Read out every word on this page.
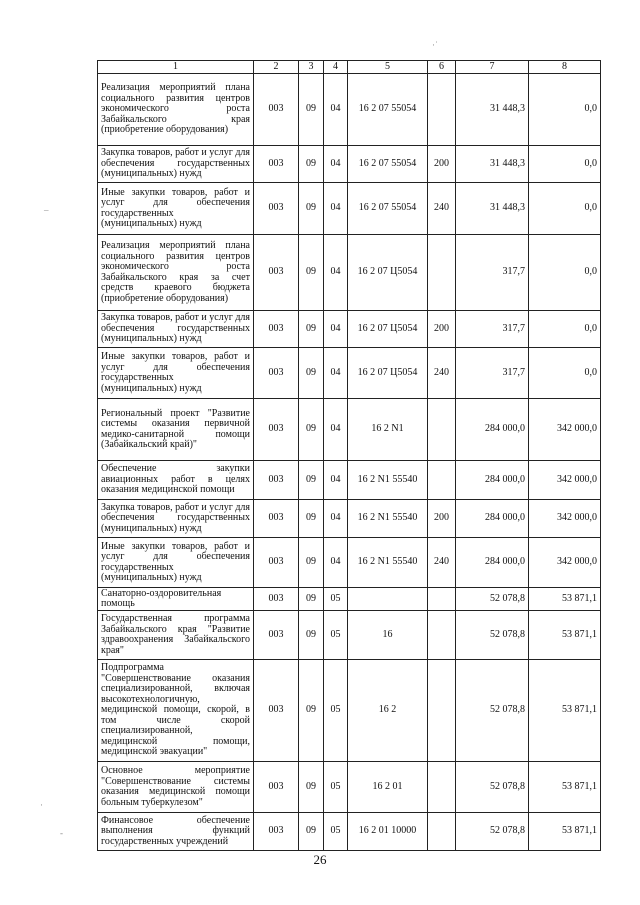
1	2	3	4	5	6	7	8
Реализация мероприятий плана социального развития центров экономического роста Забайкальского края (приобретение оборудования)	003	09	04	16 2 07 55054		31 448,3	0,0
Закупка товаров, работ и услуг для обеспечения государственных (муниципальных) нужд	003	09	04	16 2 07 55054	200	31 448,3	0,0
Иные закупки товаров, работ и услуг для обеспечения государственных (муниципальных) нужд	003	09	04	16 2 07 55054	240	31 448,3	0,0
Реализация мероприятий плана социального развития центров экономического роста Забайкальского края за счет средств краевого бюджета (приобретение оборудования)	003	09	04	16 2 07 Ц5054		317,7	0,0
Закупка товаров, работ и услуг для обеспечения государственных (муниципальных) нужд	003	09	04	16 2 07 Ц5054	200	317,7	0,0
Иные закупки товаров, работ и услуг для обеспечения государственных (муниципальных) нужд	003	09	04	16 2 07 Ц5054	240	317,7	0,0
Региональный проект "Развитие системы оказания первичной медико-санитарной помощи (Забайкальский край)"	003	09	04	16 2 N1		284 000,0	342 000,0
Обеспечение закупки авиационных работ в целях оказания медицинской помощи	003	09	04	16 2 N1 55540		284 000,0	342 000,0
Закупка товаров, работ и услуг для обеспечения государственных (муниципальных) нужд	003	09	04	16 2 N1 55540	200	284 000,0	342 000,0
Иные закупки товаров, работ и услуг для обеспечения государственных (муниципальных) нужд	003	09	04	16 2 N1 55540	240	284 000,0	342 000,0
Санаторно-оздоровительная помощь	003	09	05			52 078,8	53 871,1
Государственная программа Забайкальского края "Развитие здравоохранения Забайкальского края"	003	09	05	16		52 078,8	53 871,1
Подпрограмма "Совершенствование оказания специализированной, включая высокотехнологичную, медицинской помощи, скорой, в том числе скорой специализированной, медицинской помощи, медицинской эвакуации"	003	09	05	16 2		52 078,8	53 871,1
Основное мероприятие "Совершенствование системы оказания медицинской помощи больным туберкулезом"	003	09	05	16 2 01		52 078,8	53 871,1
Финансовое обеспечение выполнения функций государственных учреждений	003	09	05	16 2 01 10000		52 078,8	53 871,1
26
·˙
–
·
-
